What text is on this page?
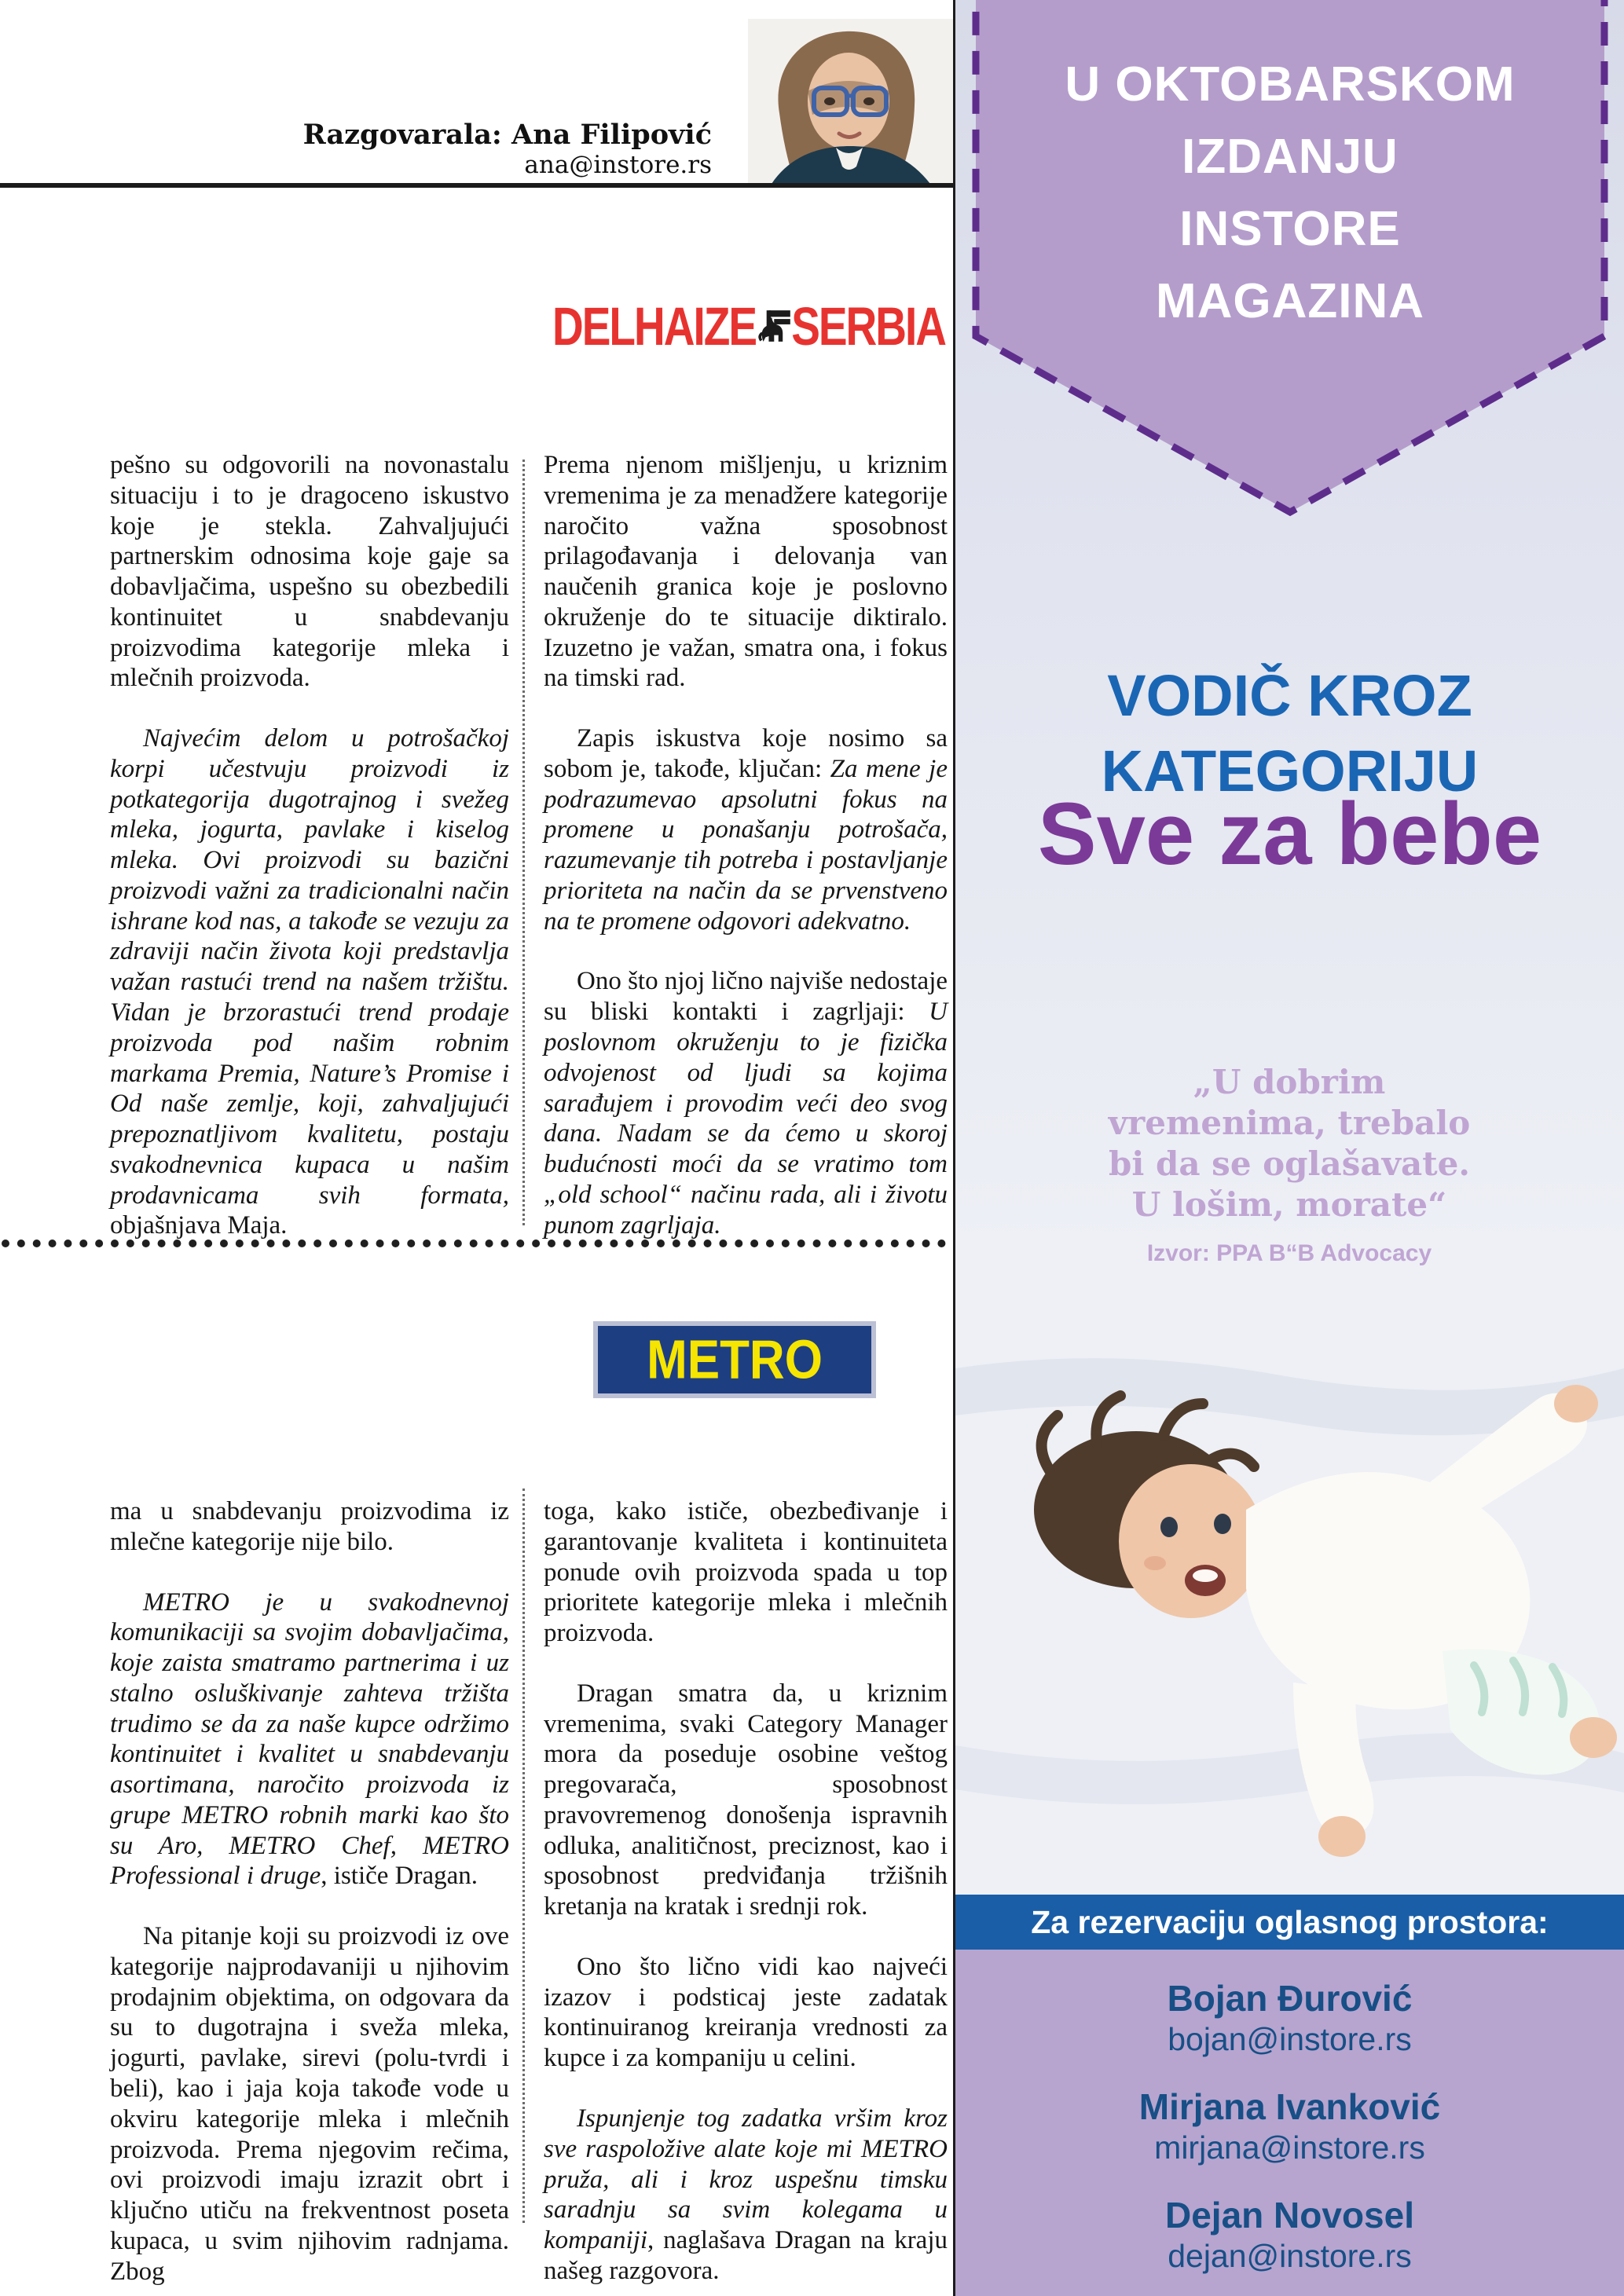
Razgovarala: Ana Filipović
ana@instore.rs
DELHAIZE SERBIA

pešno su odgovorili na novonastalu situaciju i to je dragoceno iskustvo koje je stekla. Zahvaljujući partnerskim odnosima koje gaje sa dobavljačima, uspešno su obezbedili kontinuitet u snabdevanju proizvodima kategorije mleka i mlečnih proizvoda.

Najvećim delom u potrošačkoj korpi učestvuju proizvodi iz potkategorija dugotrajnog i svežeg mleka, jogurta, pavlake i kiselog mleka. Ovi proizvodi su bazični proizvodi važni za tradicionalni način ishrane kod nas, a takođe se vezuju za zdraviji način života koji predstavlja važan rastući trend na našem tržištu. Vidan je brzorastući trend prodaje proizvoda pod našim robnim markama Premia, Nature’s Promise i Od naše zemlje, koji, zahvaljujući prepoznatljivom kvalitetu, postaju svakodnevnica kupaca u našim prodavnicama svih formata, objašnjava Maja.

Prema njenom mišljenju, u kriznim vremenima je za menadžere kategorije naročito važna sposobnost prilagođavanja i delovanja van naučenih granica koje je poslovno okruženje do te situacije diktiralo. Izuzetno je važan, smatra ona, i fokus na timski rad.

Zapis iskustva koje nosimo sa sobom je, takođe, ključan: Za mene je podrazumevao apsolutni fokus na promene u ponašanju potrošača, razumevanje tih potreba i postavljanje prioriteta na način da se prvenstveno na te promene odgovori adekvatno.

Ono što njoj lično najviše nedostaje su bliski kontakti i zagrljaji: U poslovnom okruženju to je fizička odvojenost od ljudi sa kojima sarađujem i provodim veći deo svog dana. Nadam se da ćemo u skoroj budućnosti moći da se vratimo tom „old school“ načinu rada, ali i životu punom zagrljaja.

METRO

ma u snabdevanju proizvodima iz mlečne kategorije nije bilo.

METRO je u svakodnevnoj komunikaciji sa svojim dobavljačima, koje zaista smatramo partnerima i uz stalno osluškivanje zahteva tržišta trudimo se da za naše kupce održimo kontinuitet i kvalitet u snabdevanju asortimana, naročito proizvoda iz grupe METRO robnih marki kao što su Aro, METRO Chef, METRO Professional i druge, ističe Dragan.

Na pitanje koji su proizvodi iz ove kategorije najprodavaniji u njihovim prodajnim objektima, on odgovara da su to dugotrajna i sveža mleka, jogurti, pavlake, sirevi (polu-tvrdi i beli), kao i jaja koja takođe vode u okviru kategorije mleka i mlečnih proizvoda. Prema njegovim rečima, ovi proizvodi imaju izrazit obrt i ključno utiču na frekventnost poseta kupaca, u svim njihovim radnjama. Zbog

toga, kako ističe, obezbeđivanje i garantovanje kvaliteta i kontinuiteta ponude ovih proizvoda spada u top prioritete kategorije mleka i mlečnih proizvoda.

Dragan smatra da, u kriznim vremenima, svaki Category Manager mora da poseduje osobine veštog pregovarača, sposobnost pravovremenog donošenja ispravnih odluka, analitičnost, preciznost, kao i sposobnost predviđanja tržišnih kretanja na kratak i srednji rok.

Ono što lično vidi kao najveći izazov i podsticaj jeste zadatak kontinuiranog kreiranja vrednosti za kupce i za kompaniju u celini.

Ispunjenje tog zadatka vršim kroz sve raspoložive alate koje mi METRO pruža, ali i kroz uspešnu timsku saradnju sa svim kolegama u kompaniji, naglašava Dragan na kraju našeg razgovora.

U OKTOBARSKOM
IZDANJU
INSTORE
MAGAZINA
VODIČ KROZ
KATEGORIJU
Sve za bebe
„U dobrim
vremenima, trebalo
bi da se oglašavate.
U lošim, morate“
Izvor: PPA B“B Advocacy
Za rezervaciju oglasnog prostora:
Bojan Đurović
bojan@instore.rs
Mirjana Ivanković
mirjana@instore.rs
Dejan Novosel
dejan@instore.rs
